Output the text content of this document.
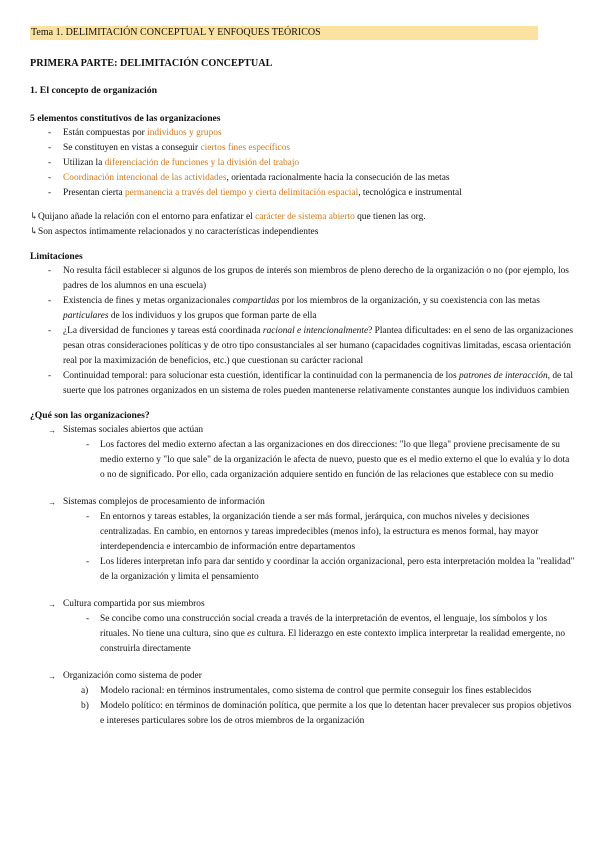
Tema 1. DELIMITACIÓN CONCEPTUAL Y ENFOQUES TEÓRICOS
PRIMERA PARTE: DELIMITACIÓN CONCEPTUAL
1. El concepto de organización
5 elementos constitutivos de las organizaciones
- Están compuestas por individuos y grupos
- Se constituyen en vistas a conseguir ciertos fines específicos
- Utilizan la diferenciación de funciones y la división del trabajo
- Coordinación intencional de las actividades, orientada racionalmente hacia la consecución de las metas
- Presentan cierta permanencia a través del tiempo y cierta delimitación espacial, tecnológica e instrumental
↳Quijano añade la relación con el entorno para enfatizar el carácter de sistema abierto que tienen las org.
↳Son aspectos íntimamente relacionados y no características independientes
Limitaciones
- No resulta fácil establecer si algunos de los grupos de interés son miembros de pleno derecho de la organización o no (por ejemplo, los padres de los alumnos en una escuela)
- Existencia de fines y metas organizacionales compartidas por los miembros de la organización, y su coexistencia con las metas particulares de los individuos y los grupos que forman parte de ella
- ¿La diversidad de funciones y tareas está coordinada racional e intencionalmente? Plantea dificultades: en el seno de las organizaciones pesan otras consideraciones políticas y de otro tipo consustanciales al ser humano (capacidades cognitivas limitadas, escasa orientación real por la maximización de beneficios, etc.) que cuestionan su carácter racional
- Continuidad temporal: para solucionar esta cuestión, identificar la continuidad con la permanencia de los patrones de interacción, de tal suerte que los patrones organizados en un sistema de roles pueden mantenerse relativamente constantes aunque los individuos cambien
¿Qué son las organizaciones?
→ Sistemas sociales abiertos que actúan
- Los factores del medio externo afectan a las organizaciones en dos direcciones: "lo que llega" proviene precisamente de su medio externo y "lo que sale" de la organización le afecta de nuevo, puesto que es el medio externo el que lo evalúa y lo dota o no de significado. Por ello, cada organización adquiere sentido en función de las relaciones que establece con su medio
→ Sistemas complejos de procesamiento de información
- En entornos y tareas estables, la organización tiende a ser más formal, jerárquica, con muchos niveles y decisiones centralizadas. En cambio, en entornos y tareas impredecibles (menos info), la estructura es menos formal, hay mayor interdependencia e intercambio de información entre departamentos
- Los líderes interpretan info para dar sentido y coordinar la acción organizacional, pero esta interpretación moldea la "realidad" de la organización y limita el pensamiento
→ Cultura compartida por sus miembros
- Se concibe como una construcción social creada a través de la interpretación de eventos, el lenguaje, los símbolos y los rituales. No tiene una cultura, sino que es cultura. El liderazgo en este contexto implica interpretar la realidad emergente, no construirla directamente
→ Organización como sistema de poder
a) Modelo racional: en términos instrumentales, como sistema de control que permite conseguir los fines establecidos
b) Modelo político: en términos de dominación política, que permite a los que lo detentan hacer prevalecer sus propios objetivos e intereses particulares sobre los de otros miembros de la organización
